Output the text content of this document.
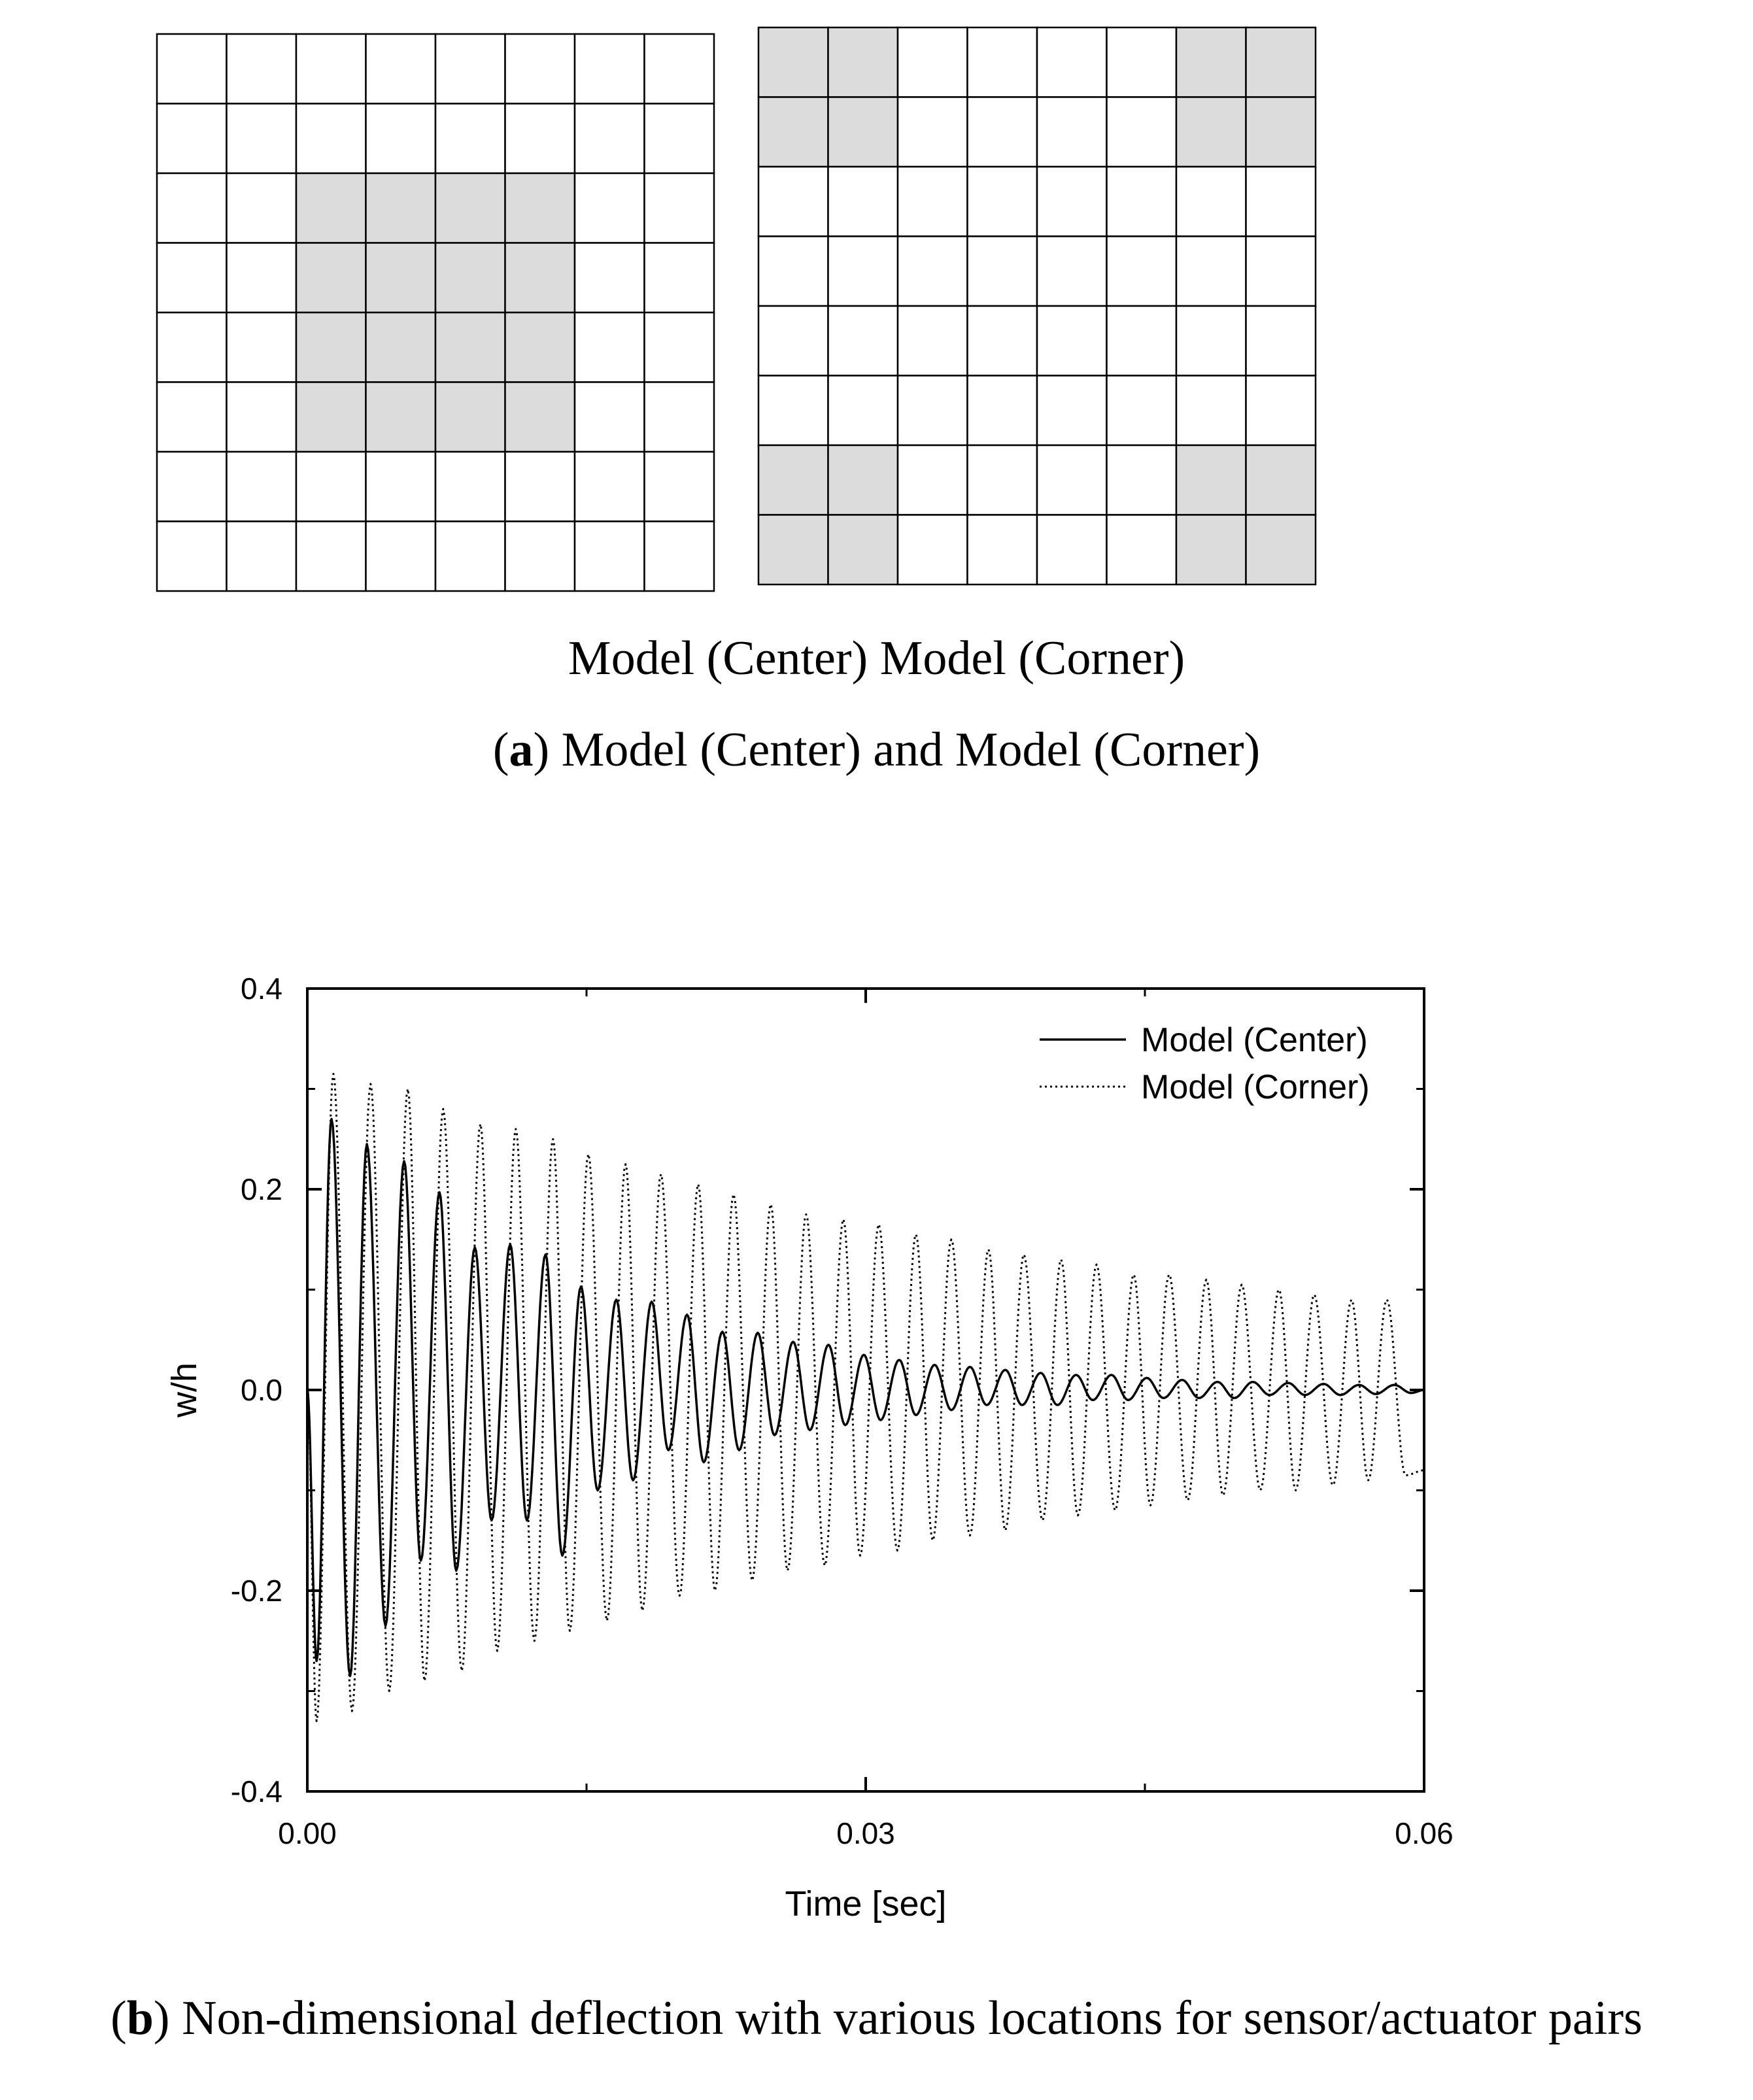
Model (Center) Model (Corner)
(a) Model (Center) and Model (Corner)
0.00	0.03	0.06
-0.4
-0.2
0.0
0.2
0.4
Time [sec]
w/h
Model (Center)
Model (Corner)
(b) Non-dimensional deflection with various locations for sensor/actuator pairs
